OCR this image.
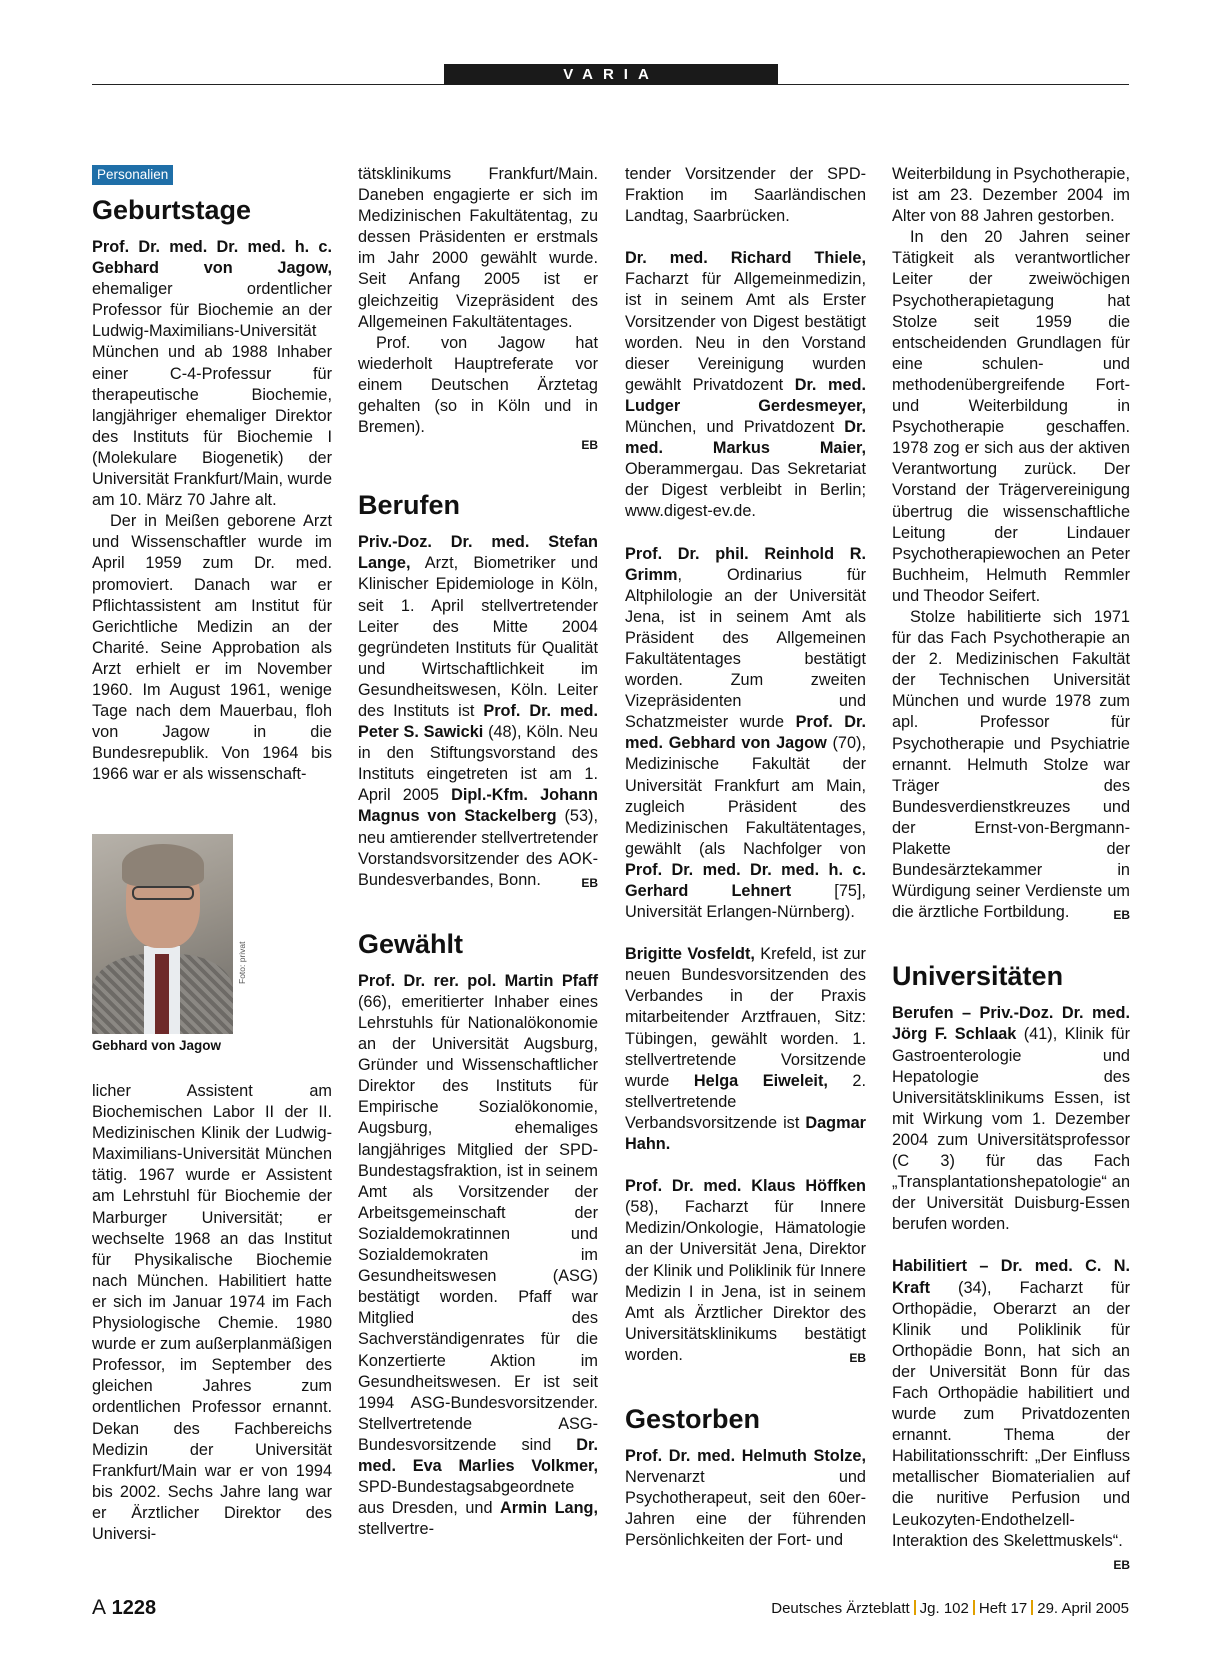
VARIA
Personalien
Geburtstage

Prof. Dr. med. Dr. med. h. c. Gebhard von Jagow, ehemaliger ordentlicher Professor für Biochemie an der Ludwig-Maximilians-Universität München und ab 1988 Inhaber einer C-4-Professur für therapeutische Biochemie, langjähriger ehemaliger Direktor des Instituts für Biochemie I (Molekulare Biogenetik) der Universität Frankfurt/Main, wurde am 10. März 70 Jahre alt.

Der in Meißen geborene Arzt und Wissenschaftler wurde im April 1959 zum Dr. med. promoviert. Danach war er Pflichtassistent am Institut für Gerichtliche Medizin an der Charité. Seine Approbation als Arzt erhielt er im November 1960. Im August 1961, wenige Tage nach dem Mauerbau, floh von Jagow in die Bundesrepublik. Von 1964 bis 1966 war er als wissenschaft-

Foto: privat
Gebhard von Jagow

licher Assistent am Biochemischen Labor II der II. Medizinischen Klinik der Ludwig-Maximilians-Universität München tätig. 1967 wurde er Assistent am Lehrstuhl für Biochemie der Marburger Universität; er wechselte 1968 an das Institut für Physikalische Biochemie nach München. Habilitiert hatte er sich im Januar 1974 im Fach Physiologische Chemie. 1980 wurde er zum außerplanmäßigen Professor, im September des gleichen Jahres zum ordentlichen Professor ernannt. Dekan des Fachbereichs Medizin der Universität Frankfurt/Main war er von 1994 bis 2002. Sechs Jahre lang war er Ärztlicher Direktor des Universi-

tätsklinikums Frankfurt/Main. Daneben engagierte er sich im Medizinischen Fakultätentag, zu dessen Präsidenten er erstmals im Jahr 2000 gewählt wurde. Seit Anfang 2005 ist er gleichzeitig Vizepräsident des Allgemeinen Fakultätentages.

Prof. von Jagow hat wiederholt Hauptreferate vor einem Deutschen Ärztetag gehalten (so in Köln und in Bremen).

EB
Berufen

Priv.-Doz. Dr. med. Stefan Lange, Arzt, Biometriker und Klinischer Epidemiologe in Köln, seit 1. April stellvertretender Leiter des Mitte 2004 gegründeten Instituts für Qualität und Wirtschaftlichkeit im Gesundheitswesen, Köln. Leiter des Instituts ist Prof. Dr. med. Peter S. Sawicki (48), Köln. Neu in den Stiftungsvorstand des Instituts eingetreten ist am 1. April 2005 Dipl.-Kfm. Johann Magnus von Stackelberg (53), neu amtierender stellvertretender Vorstandsvorsitzender des AOK-Bundesverbandes, Bonn.	EB

Gewählt

Prof. Dr. rer. pol. Martin Pfaff (66), emeritierter Inhaber eines Lehrstuhls für Nationalökonomie an der Universität Augsburg, Gründer und Wissenschaftlicher Direktor des Instituts für Empirische Sozialökonomie, Augsburg, ehemaliges langjähriges Mitglied der SPD-Bundestagsfraktion, ist in seinem Amt als Vorsitzender der Arbeitsgemeinschaft der Sozialdemokratinnen und Sozialdemokraten im Gesundheitswesen (ASG) bestätigt worden. Pfaff war Mitglied des Sachverständigenrates für die Konzertierte Aktion im Gesundheitswesen. Er ist seit 1994 ASG-Bundesvorsitzender. Stellvertretende ASG-Bundesvorsitzende sind Dr. med. Eva Marlies Volkmer, SPD-Bundestagsabgeordnete aus Dresden, und Armin Lang, stellvertre-

tender Vorsitzender der SPD-Fraktion im Saarländischen Landtag, Saarbrücken.

Dr. med. Richard Thiele, Facharzt für Allgemeinmedizin, ist in seinem Amt als Erster Vorsitzender von Digest bestätigt worden. Neu in den Vorstand dieser Vereinigung wurden gewählt Privatdozent Dr. med. Ludger Gerdesmeyer, München, und Privatdozent Dr. med. Markus Maier, Oberammergau. Das Sekretariat der Digest verbleibt in Berlin; www.digest-ev.de.

Prof. Dr. phil. Reinhold R. Grimm, Ordinarius für Altphilologie an der Universität Jena, ist in seinem Amt als Präsident des Allgemeinen Fakultätentages bestätigt worden. Zum zweiten Vizepräsidenten und Schatzmeister wurde Prof. Dr. med. Gebhard von Jagow (70), Medizinische Fakultät der Universität Frankfurt am Main, zugleich Präsident des Medizinischen Fakultätentages, gewählt (als Nachfolger von Prof. Dr. med. Dr. med. h. c. Gerhard Lehnert [75], Universität Erlangen-Nürnberg).

Brigitte Vosfeldt, Krefeld, ist zur neuen Bundesvorsitzenden des Verbandes in der Praxis mitarbeitender Arztfrauen, Sitz: Tübingen, gewählt worden. 1. stellvertretende Vorsitzende wurde Helga Eiweleit, 2. stellvertretende Verbandsvorsitzende ist Dagmar Hahn.

Prof. Dr. med. Klaus Höffken (58), Facharzt für Innere Medizin/Onkologie, Hämatologie an der Universität Jena, Direktor der Klinik und Poliklinik für Innere Medizin I in Jena, ist in seinem Amt als Ärztlicher Direktor des Universitätsklinikums bestätigt worden.	EB

Gestorben

Prof. Dr. med. Helmuth Stolze, Nervenarzt und Psychotherapeut, seit den 60er-Jahren eine der führenden Persönlichkeiten der Fort- und

Weiterbildung in Psychotherapie, ist am 23. Dezember 2004 im Alter von 88 Jahren gestorben.

In den 20 Jahren seiner Tätigkeit als verantwortlicher Leiter der zweiwöchigen Psychotherapietagung hat Stolze seit 1959 die entscheidenden Grundlagen für eine schulen- und methodenübergreifende Fort- und Weiterbildung in Psychotherapie geschaffen. 1978 zog er sich aus der aktiven Verantwortung zurück. Der Vorstand der Trägervereinigung übertrug die wissenschaftliche Leitung der Lindauer Psychotherapiewochen an Peter Buchheim, Helmuth Remmler und Theodor Seifert.

Stolze habilitierte sich 1971 für das Fach Psychotherapie an der 2. Medizinischen Fakultät der Technischen Universität München und wurde 1978 zum apl. Professor für Psychotherapie und Psychiatrie ernannt. Helmuth Stolze war Träger des Bundesverdienstkreuzes und der Ernst-von-Bergmann-Plakette der Bundesärztekammer in Würdigung seiner Verdienste um die ärztliche Fortbildung.	EB

Universitäten

Berufen – Priv.-Doz. Dr. med. Jörg F. Schlaak (41), Klinik für Gastroenterologie und Hepatologie des Universitätsklinikums Essen, ist mit Wirkung vom 1. Dezember 2004 zum Universitätsprofessor (C 3) für das Fach „Transplantationshepatologie“ an der Universität Duisburg-Essen berufen worden.

Habilitiert – Dr. med. C. N. Kraft (34), Facharzt für Orthopädie, Oberarzt an der Klinik und Poliklinik für Orthopädie Bonn, hat sich an der Universität Bonn für das Fach Orthopädie habilitiert und wurde zum Privatdozenten ernannt. Thema der Habilitationsschrift: „Der Einfluss metallischer Biomaterialien auf die nuritive Perfusion und Leukozyten-Endothelzell-Interaktion des Skelettmuskels“.
EB

A 1228	Deutsches Ärzteblatt Jg. 102 Heft 17 29. April 2005
